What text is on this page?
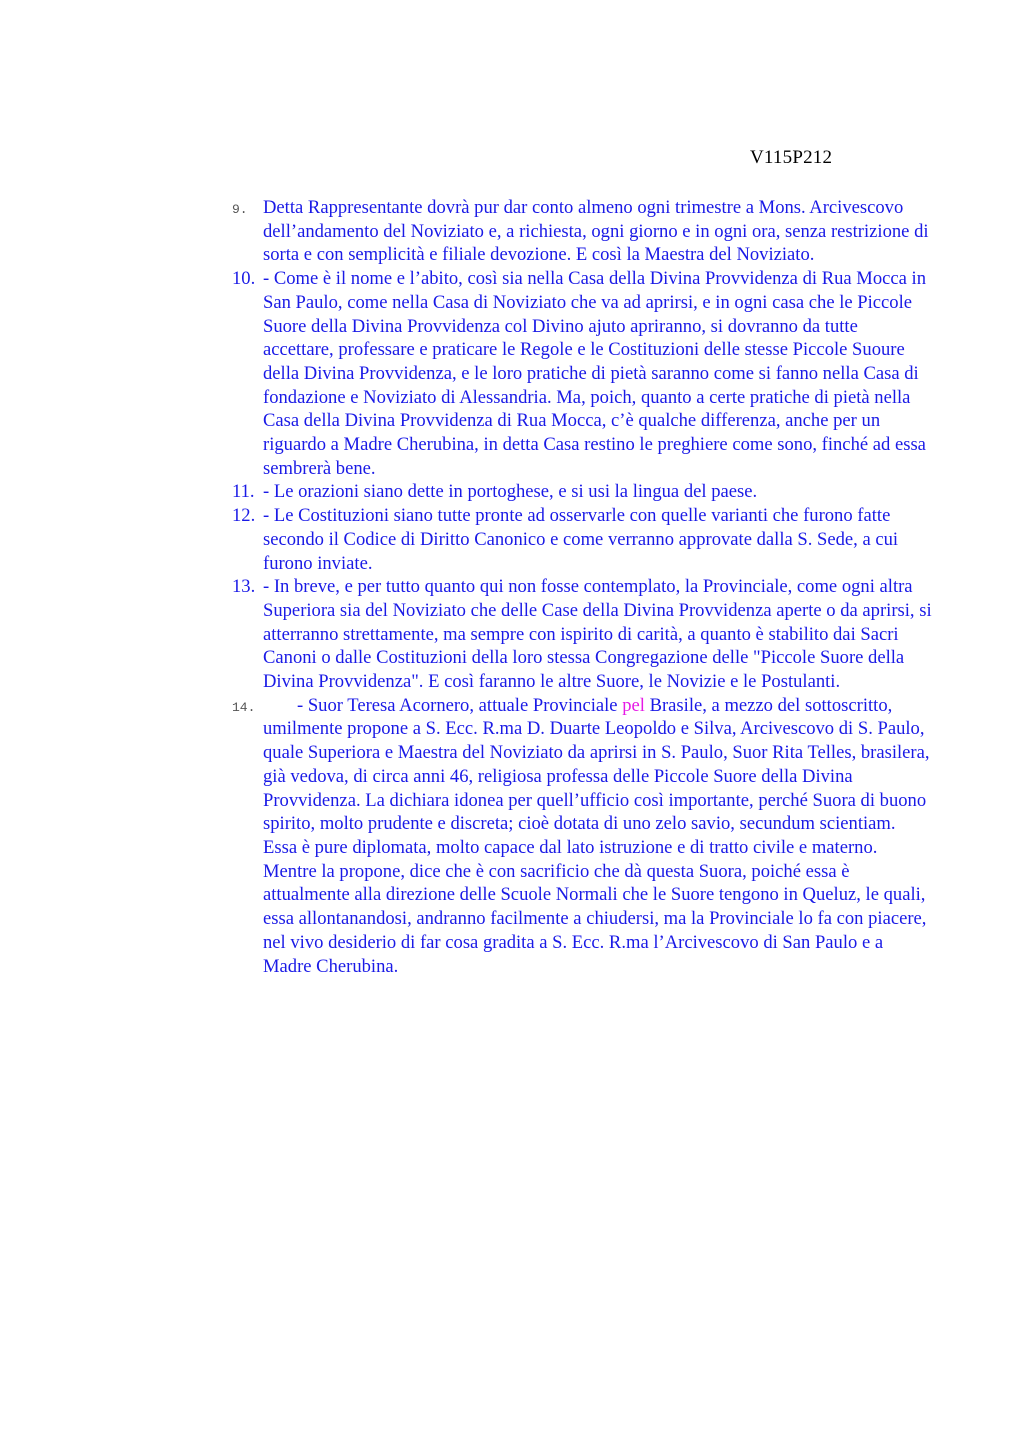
V115P212

9. Detta Rappresentante dovrà pur dar conto almeno ogni trimestre a Mons. Arcivescovo dell’andamento del Noviziato e, a richiesta, ogni giorno e in ogni ora, senza restrizione di sorta e con semplicità e filiale devozione. E così la Maestra del Noviziato.

10. - Come è il nome e l’abito, così sia nella Casa della Divina Provvidenza di Rua Mocca in San Paulo, come nella Casa di Noviziato che va ad aprirsi, e in ogni casa che le Piccole Suore della Divina Provvidenza col Divino ajuto apriranno, si dovranno da tutte accettare, professare e praticare le Regole e le Costituzioni delle stesse Piccole Suoure della Divina Provvidenza, e le loro pratiche di pietà saranno come si fanno nella Casa di fondazione e Noviziato di Alessandria. Ma, poich, quanto a certe pratiche di pietà nella Casa della Divina Provvidenza di Rua Mocca, c’è qualche differenza, anche per un riguardo a Madre Cherubina, in detta Casa restino le preghiere come sono, finché ad essa sembrerà bene.

11. - Le orazioni siano dette in portoghese, e si usi la lingua del paese.

12. - Le Costituzioni siano tutte pronte ad osservarle con quelle varianti che furono fatte secondo il Codice di Diritto Canonico e come verranno approvate dalla S. Sede, a cui furono inviate.

13. - In breve, e per tutto quanto qui non fosse contemplato, la Provinciale, come ogni altra Superiora sia del Noviziato che delle Case della Divina Provvidenza aperte o da aprirsi, si atterranno strettamente, ma sempre con ispirito di carità, a quanto è stabilito dai Sacri Canoni o dalle Costituzioni della loro stessa Congregazione delle "Piccole Suore della Divina Provvidenza". E così faranno le altre Suore, le Novizie e le Postulanti.

14. - Suor Teresa Acornero, attuale Provinciale pel Brasile, a mezzo del sottoscritto, umilmente propone a S. Ecc. R.ma D. Duarte Leopoldo e Silva, Arcivescovo di S. Paulo, quale Superiora e Maestra del Noviziato da aprirsi in S. Paulo, Suor Rita Telles, brasilera, già vedova, di circa anni 46, religiosa professa delle Piccole Suore della Divina Provvidenza. La dichiara idonea per quell’ufficio così importante, perché Suora di buono spirito, molto prudente e discreta; cioè dotata di uno zelo savio, secundum scientiam. Essa è pure diplomata, molto capace dal lato istruzione e di tratto civile e materno. Mentre la propone, dice che è con sacrificio che dà questa Suora, poiché essa è attualmente alla direzione delle Scuole Normali che le Suore tengono in Queluz, le quali, essa allontanandosi, andranno facilmente a chiudersi, ma la Provinciale lo fa con piacere, nel vivo desiderio di far cosa gradita a S. Ecc. R.ma l’Arcivescovo di San Paulo e a Madre Cherubina.
